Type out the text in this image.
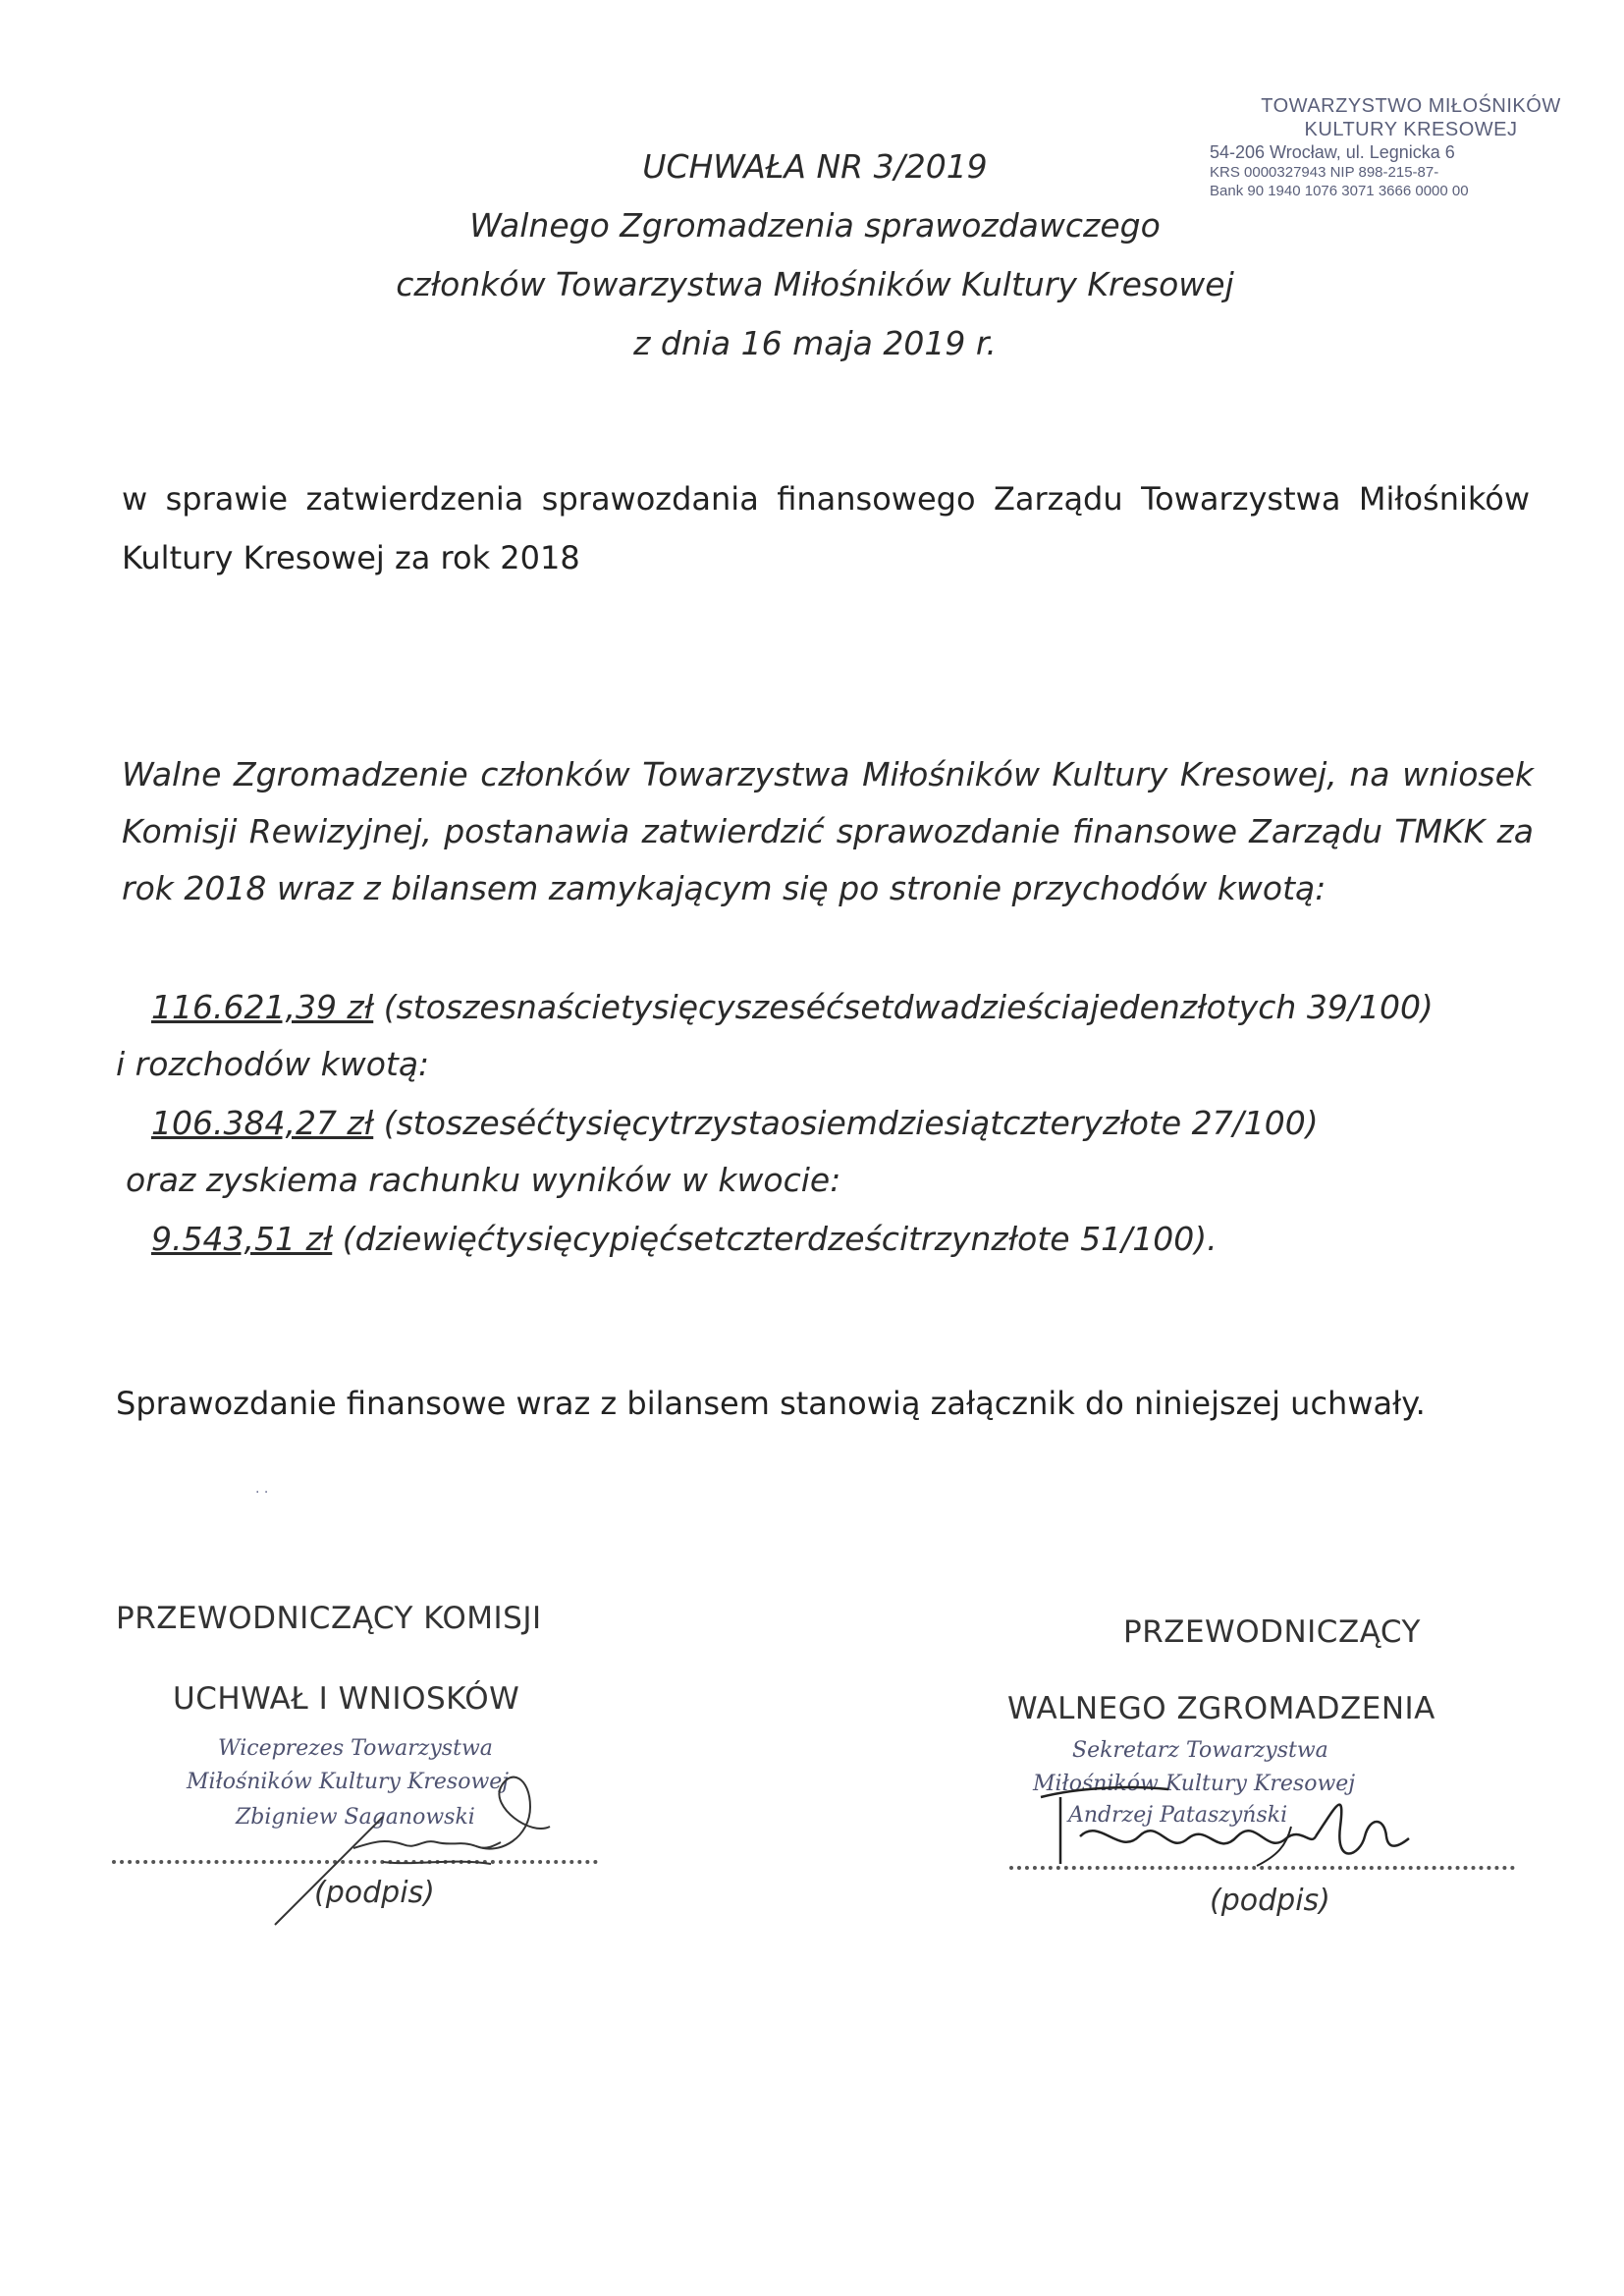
TOWARZYSTWO MIŁOŚNIKÓW
KULTURY KRESOWEJ
54-206 Wrocław, ul. Legnicka 6
KRS 0000327943 NIP 898-215-87-
Bank 90 1940 1076 3071 3666 0000 00
UCHWAŁA NR 3/2019
Walnego Zgromadzenia sprawozdawczego
członków Towarzystwa Miłośników Kultury Kresowej
z dnia 16 maja 2019 r.
w sprawie zatwierdzenia sprawozdania finansowego Zarządu Towarzystwa Miłośników Kultury Kresowej za rok 2018
Walne Zgromadzenie członków Towarzystwa Miłośników Kultury Kresowej, na wniosek Komisji Rewizyjnej, postanawia zatwierdzić sprawozdanie finansowe Zarządu TMKK za rok 2018 wraz z bilansem zamykającym się po stronie przychodów kwotą:
116.621,39 zł (stoszesnaścietysięcyszeséćsetdwadzieściajedenzłotych 39/100)
i rozchodów kwotą:
106.384,27 zł (stoszeséćtysięcytrzystaosiemdziesiątczteryzłote 27/100)
oraz zyskiema rachunku wyników w kwocie:
9.543,51 zł (dziewięćtysięcypięćsetczterdześcitrzynzłote 51/100).
Sprawozdanie finansowe wraz z bilansem stanowią załącznik do niniejszej uchwały.
· ·
PRZEWODNICZĄCY KOMISJI
UCHWAŁ I WNIOSKÓW
Wiceprezes Towarzystwa
Miłośników Kultury Kresowej
Zbigniew Saganowski
(podpis)
PRZEWODNICZĄCY
WALNEGO ZGROMADZENIA
Sekretarz Towarzystwa
Miłośników Kultury Kresowej
Andrzej Pataszyński
(podpis)
